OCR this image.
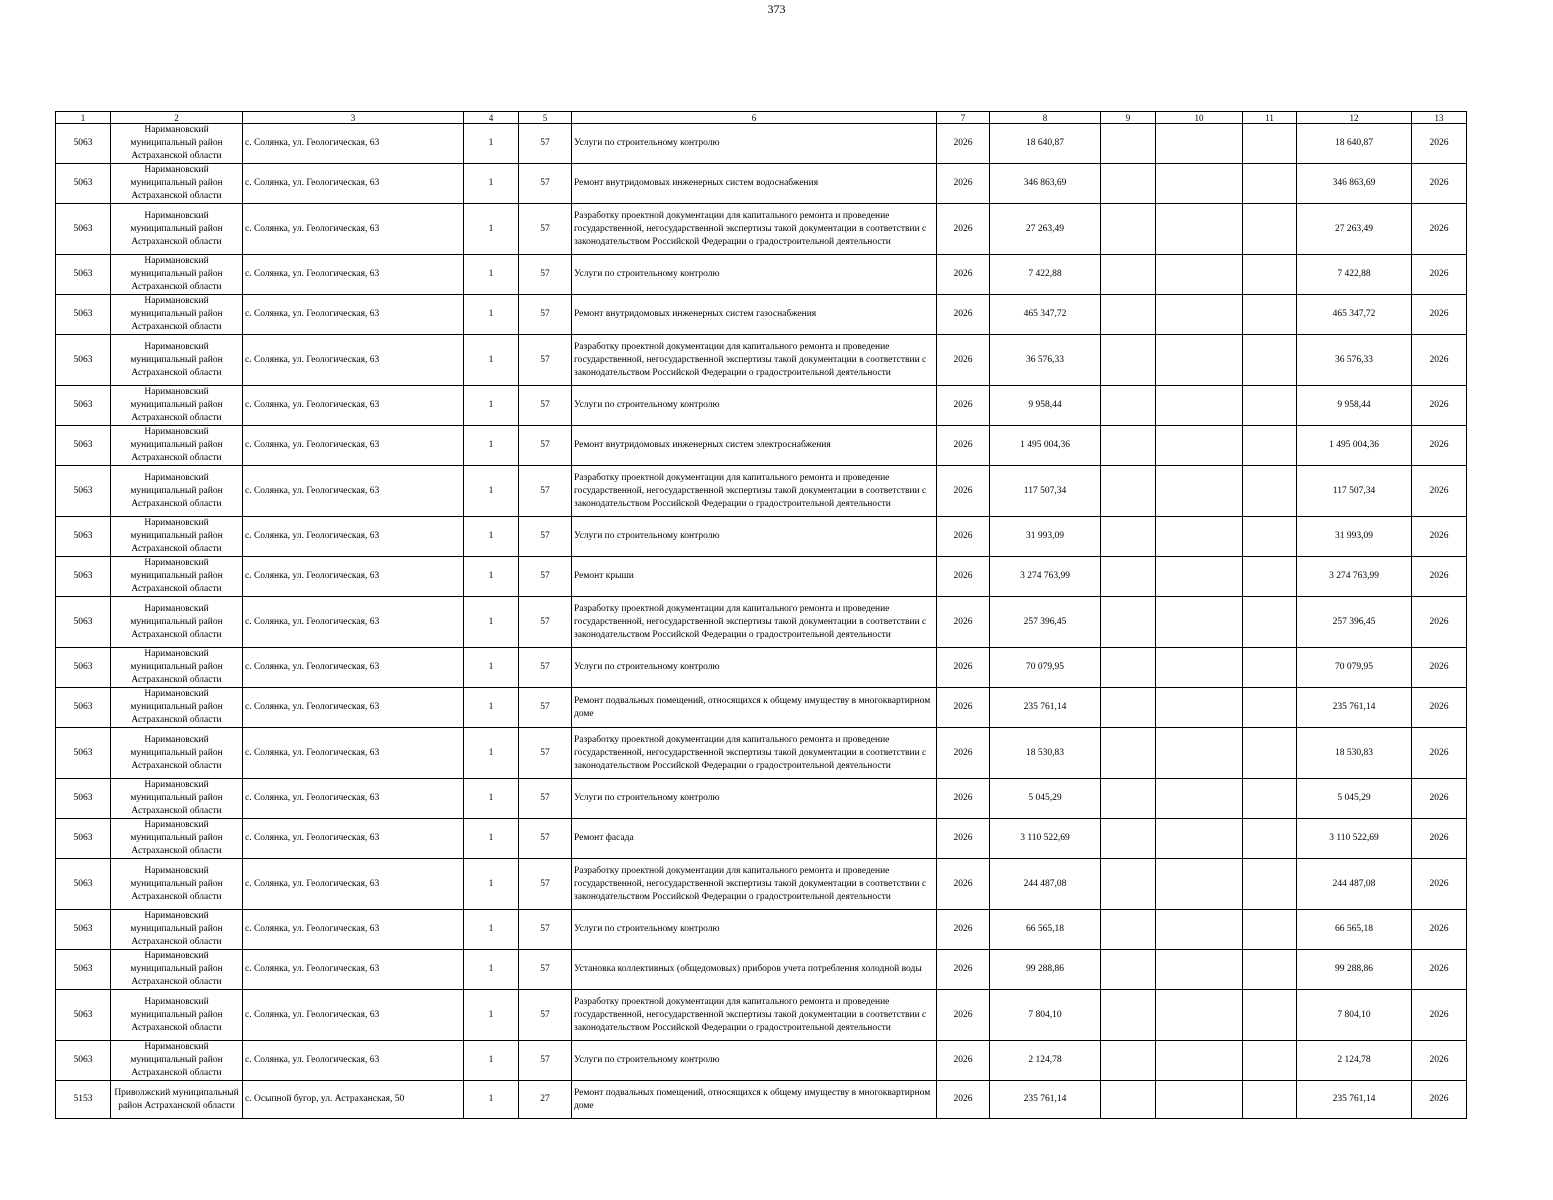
373
1	2	3	4	5	6	7	8	9	10	11	12	13
5063	Наримановский муниципальный район Астраханской области	с. Солянка, ул. Геологическая, 63	1	57	Услуги по строительному контролю	2026	18 640,87				18 640,87	2026
5063	Наримановский муниципальный район Астраханской области	с. Солянка, ул. Геологическая, 63	1	57	Ремонт внутридомовых инженерных систем водоснабжения	2026	346 863,69				346 863,69	2026
5063	Наримановский муниципальный район Астраханской области	с. Солянка, ул. Геологическая, 63	1	57	Разработку проектной документации для капитального ремонта и проведение государственной, негосударственной экспертизы такой документации в соответствии с законодательством Российской Федерации о градостроительной деятельности	2026	27 263,49				27 263,49	2026
5063	Наримановский муниципальный район Астраханской области	с. Солянка, ул. Геологическая, 63	1	57	Услуги по строительному контролю	2026	7 422,88				7 422,88	2026
5063	Наримановский муниципальный район Астраханской области	с. Солянка, ул. Геологическая, 63	1	57	Ремонт внутридомовых инженерных систем газоснабжения	2026	465 347,72				465 347,72	2026
5063	Наримановский муниципальный район Астраханской области	с. Солянка, ул. Геологическая, 63	1	57	Разработку проектной документации для капитального ремонта и проведение государственной, негосударственной экспертизы такой документации в соответствии с законодательством Российской Федерации о градостроительной деятельности	2026	36 576,33				36 576,33	2026
5063	Наримановский муниципальный район Астраханской области	с. Солянка, ул. Геологическая, 63	1	57	Услуги по строительному контролю	2026	9 958,44				9 958,44	2026
5063	Наримановский муниципальный район Астраханской области	с. Солянка, ул. Геологическая, 63	1	57	Ремонт внутридомовых инженерных систем электроснабжения	2026	1 495 004,36				1 495 004,36	2026
5063	Наримановский муниципальный район Астраханской области	с. Солянка, ул. Геологическая, 63	1	57	Разработку проектной документации для капитального ремонта и проведение государственной, негосударственной экспертизы такой документации в соответствии с законодательством Российской Федерации о градостроительной деятельности	2026	117 507,34				117 507,34	2026
5063	Наримановский муниципальный район Астраханской области	с. Солянка, ул. Геологическая, 63	1	57	Услуги по строительному контролю	2026	31 993,09				31 993,09	2026
5063	Наримановский муниципальный район Астраханской области	с. Солянка, ул. Геологическая, 63	1	57	Ремонт крыши	2026	3 274 763,99				3 274 763,99	2026
5063	Наримановский муниципальный район Астраханской области	с. Солянка, ул. Геологическая, 63	1	57	Разработку проектной документации для капитального ремонта и проведение государственной, негосударственной экспертизы такой документации в соответствии с законодательством Российской Федерации о градостроительной деятельности	2026	257 396,45				257 396,45	2026
5063	Наримановский муниципальный район Астраханской области	с. Солянка, ул. Геологическая, 63	1	57	Услуги по строительному контролю	2026	70 079,95				70 079,95	2026
5063	Наримановский муниципальный район Астраханской области	с. Солянка, ул. Геологическая, 63	1	57	Ремонт подвальных помещений, относящихся к общему имуществу в многоквартирном доме	2026	235 761,14				235 761,14	2026
5063	Наримановский муниципальный район Астраханской области	с. Солянка, ул. Геологическая, 63	1	57	Разработку проектной документации для капитального ремонта и проведение государственной, негосударственной экспертизы такой документации в соответствии с законодательством Российской Федерации о градостроительной деятельности	2026	18 530,83				18 530,83	2026
5063	Наримановский муниципальный район Астраханской области	с. Солянка, ул. Геологическая, 63	1	57	Услуги по строительному контролю	2026	5 045,29				5 045,29	2026
5063	Наримановский муниципальный район Астраханской области	с. Солянка, ул. Геологическая, 63	1	57	Ремонт фасада	2026	3 110 522,69				3 110 522,69	2026
5063	Наримановский муниципальный район Астраханской области	с. Солянка, ул. Геологическая, 63	1	57	Разработку проектной документации для капитального ремонта и проведение государственной, негосударственной экспертизы такой документации в соответствии с законодательством Российской Федерации о градостроительной деятельности	2026	244 487,08				244 487,08	2026
5063	Наримановский муниципальный район Астраханской области	с. Солянка, ул. Геологическая, 63	1	57	Услуги по строительному контролю	2026	66 565,18				66 565,18	2026
5063	Наримановский муниципальный район Астраханской области	с. Солянка, ул. Геологическая, 63	1	57	Установка коллективных (общедомовых) приборов учета потребления холодной воды	2026	99 288,86				99 288,86	2026
5063	Наримановский муниципальный район Астраханской области	с. Солянка, ул. Геологическая, 63	1	57	Разработку проектной документации для капитального ремонта и проведение государственной, негосударственной экспертизы такой документации в соответствии с законодательством Российской Федерации о градостроительной деятельности	2026	7 804,10				7 804,10	2026
5063	Наримановский муниципальный район Астраханской области	с. Солянка, ул. Геологическая, 63	1	57	Услуги по строительному контролю	2026	2 124,78				2 124,78	2026
5153	Приволжский муниципальный район Астраханской области	с. Осыпной бугор, ул. Астраханская, 50	1	27	Ремонт подвальных помещений, относящихся к общему имуществу в многоквартирном доме	2026	235 761,14				235 761,14	2026
